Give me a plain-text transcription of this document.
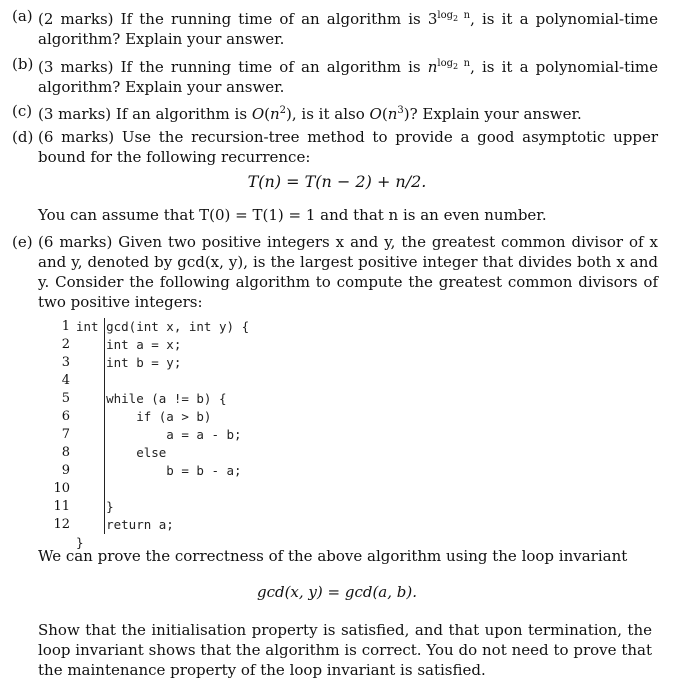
(a) (2 marks) If the running time of an algorithm is $3^{log_2 n}$, is it a polynomial-time algorithm? Explain your answer.
(b) (3 marks) If the running time of an algorithm is $n^{log_2 n}$, is it a polynomial-time algorithm? Explain your answer.
(c) (3 marks) If an algorithm is $O(n^2)$, is it also $O(n^3)$? Explain your answer.
(d) (6 marks) Use the recursion-tree method to provide a good asymptotic upper bound for the following recurrence:
T(n) = T(n − 2) + n/2.
You can assume that T(0) = T(1) = 1 and that n is an even number.
(e) (6 marks) Given two positive integers x and y, the greatest common divisor of x and y, denoted by gcd(x, y), is the largest positive integer that divides both x and y. Consider the following algorithm to compute the greatest common divisors of two positive integers:
1 int gcd(int x, int y) {
2 int a = x;
3 int b = y;
4
5 while (a != b) {
6 if (a > b)
7 a = a - b;
8 else
9 b = b - a;
10
11 }
12 return a;
}
We can prove the correctness of the above algorithm using the loop invariant
gcd(x, y) = gcd(a, b).
Show that the initialisation property is satisfied, and that upon termination, the loop invariant shows that the algorithm is correct. You do not need to prove that the maintenance property of the loop invariant is satisfied.
